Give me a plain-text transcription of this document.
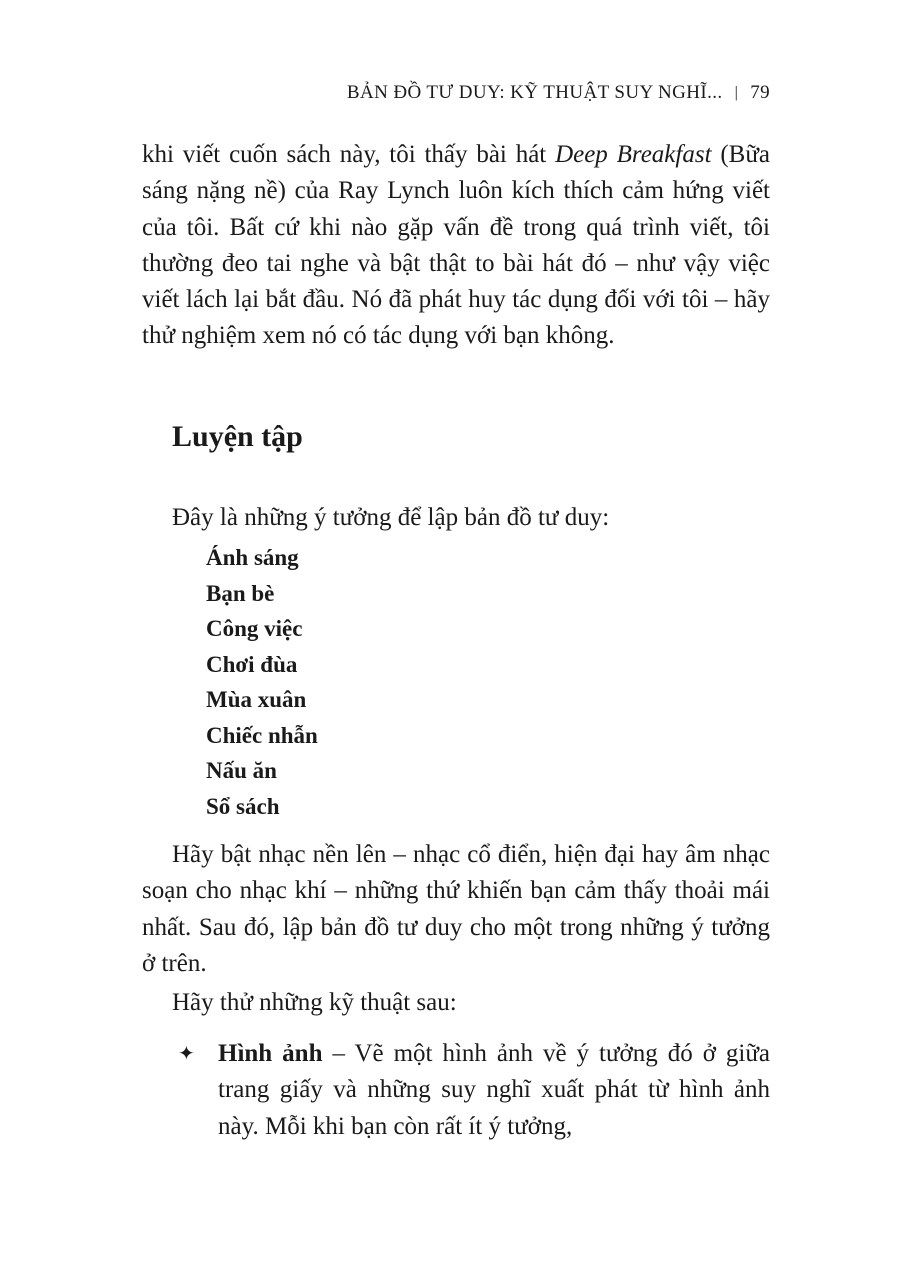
BẢN ĐỒ TƯ DUY: KỸ THUẬT SUY NGHĨ... | 79

khi viết cuốn sách này, tôi thấy bài hát Deep Breakfast (Bữa sáng nặng nề) của Ray Lynch luôn kích thích cảm hứng viết của tôi. Bất cứ khi nào gặp vấn đề trong quá trình viết, tôi thường đeo tai nghe và bật thật to bài hát đó – như vậy việc viết lách lại bắt đầu. Nó đã phát huy tác dụng đối với tôi – hãy thử nghiệm xem nó có tác dụng với bạn không.

Luyện tập

Đây là những ý tưởng để lập bản đồ tư duy:

Ánh sáng
Bạn bè
Công việc
Chơi đùa
Mùa xuân
Chiếc nhẫn
Nấu ăn
Sổ sách

Hãy bật nhạc nền lên – nhạc cổ điển, hiện đại hay âm nhạc soạn cho nhạc khí – những thứ khiến bạn cảm thấy thoải mái nhất. Sau đó, lập bản đồ tư duy cho một trong những ý tưởng ở trên.

Hãy thử những kỹ thuật sau:

✦ Hình ảnh – Vẽ một hình ảnh về ý tưởng đó ở giữa trang giấy và những suy nghĩ xuất phát từ hình ảnh này. Mỗi khi bạn còn rất ít ý tưởng,
